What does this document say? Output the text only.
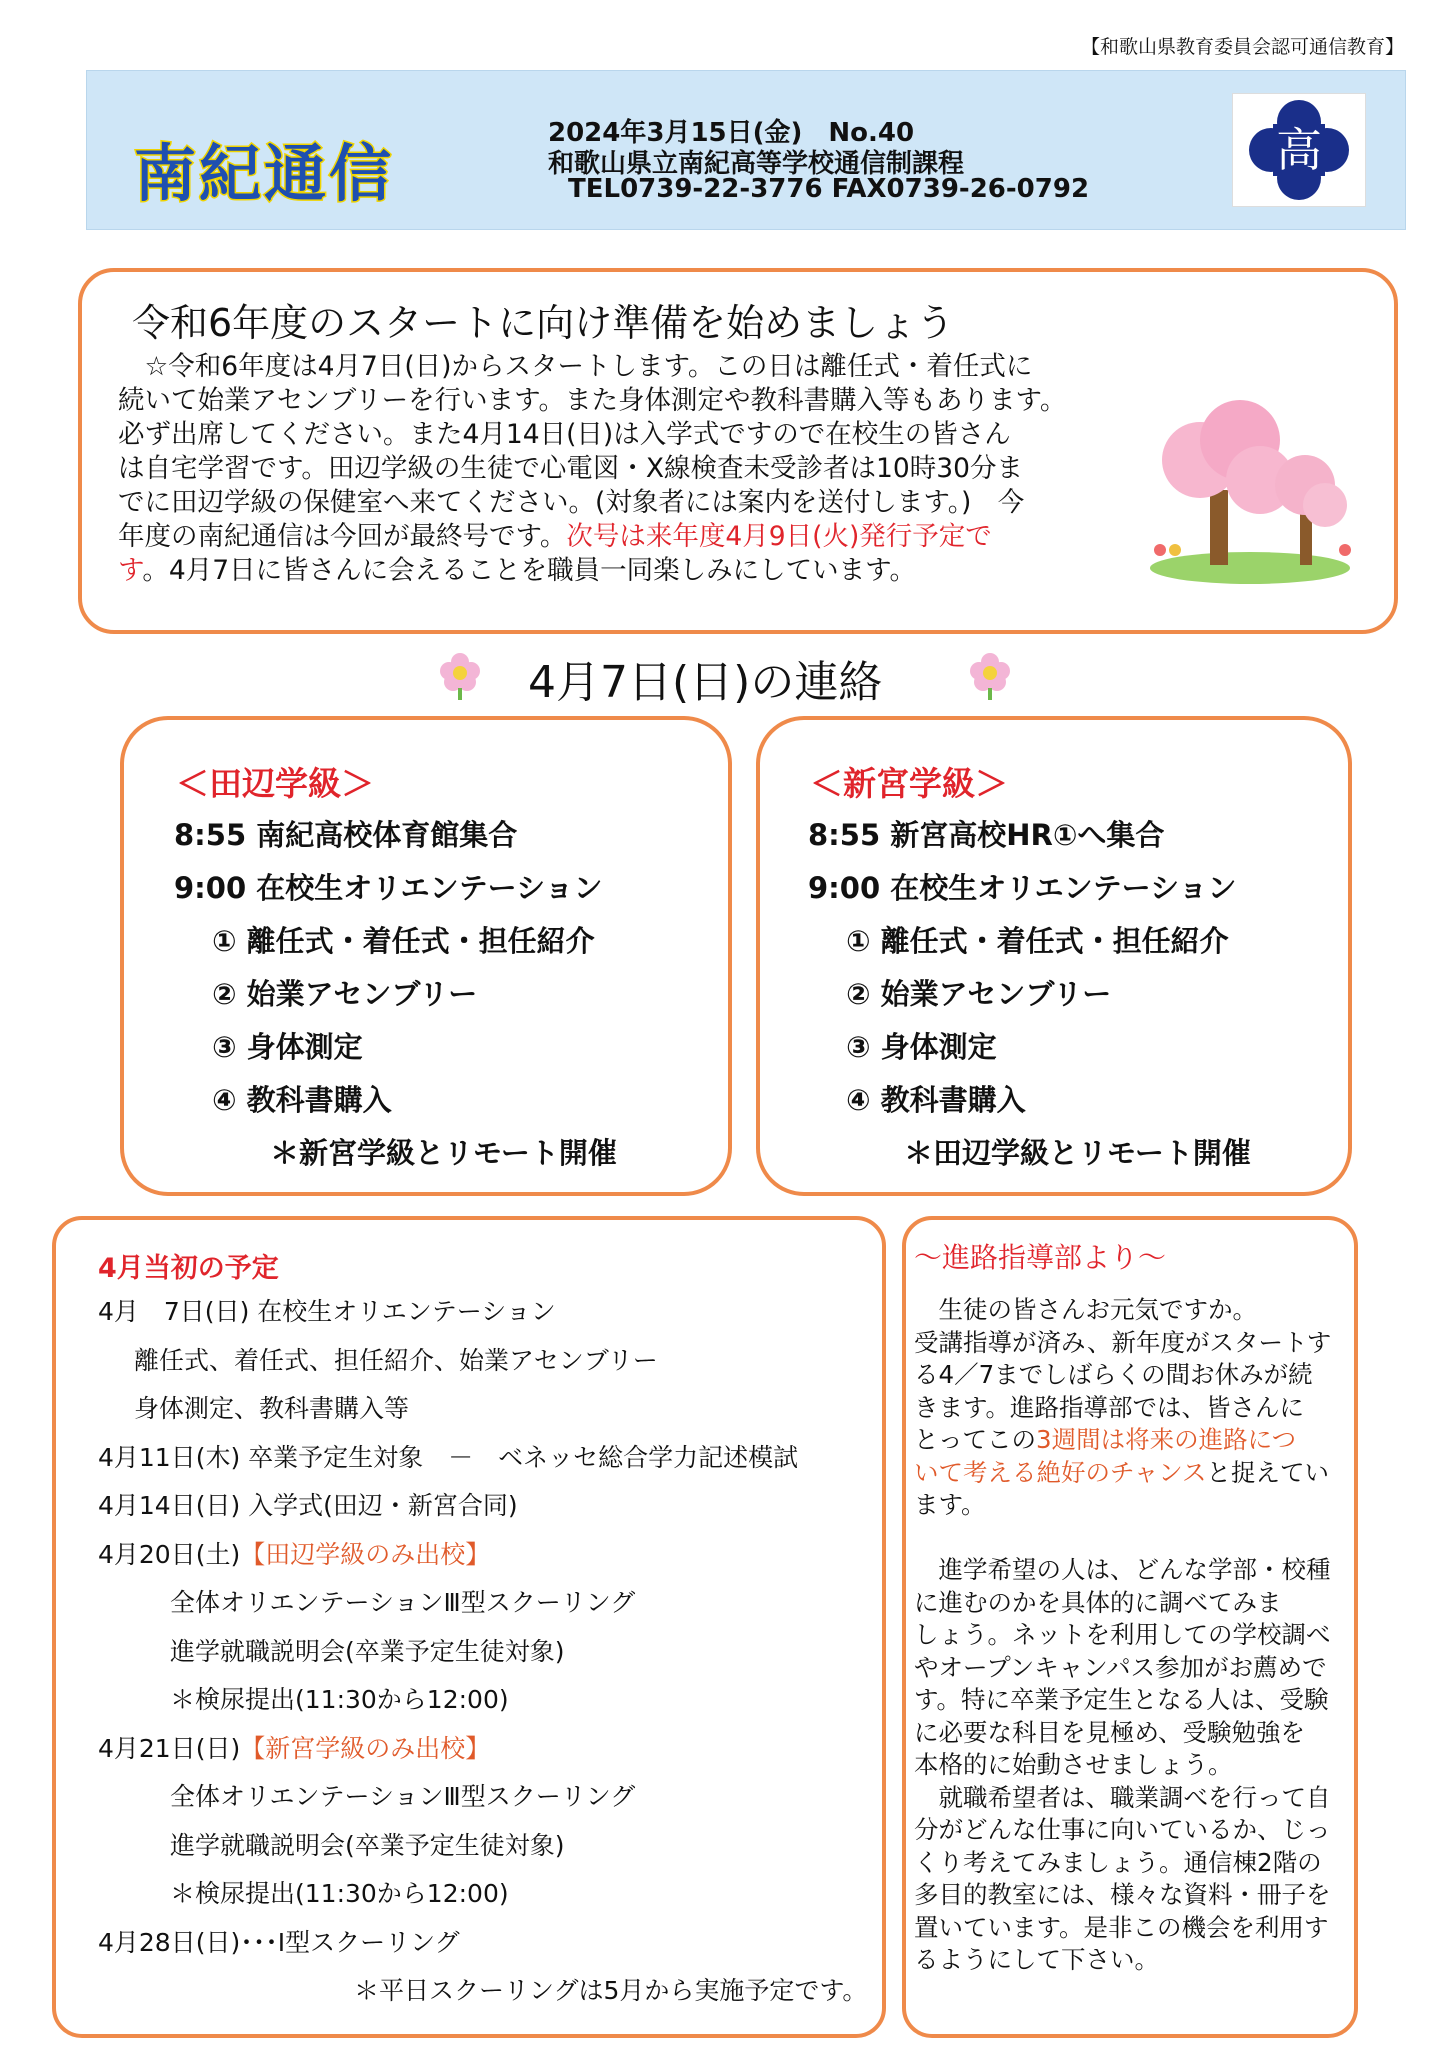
【和歌山県教育委員会認可通信教育】
南紀通信
2024年3月15日(金)　No.40
和歌山県立南紀高等学校通信制課程
TEL0739-22-3776 FAX0739-26-0792
高
令和6年度のスタートに向け準備を始めましょう
　☆令和6年度は4月7日(日)からスタートします。この日は離任式・着任式に
続いて始業アセンブリーを行います。また身体測定や教科書購入等もあります。
必ず出席してください。また4月14日(日)は入学式ですので在校生の皆さん
は自宅学習です。田辺学級の生徒で心電図・X線検査未受診者は10時30分ま
でに田辺学級の保健室へ来てください。(対象者には案内を送付します。)　今
年度の南紀通信は今回が最終号です。次号は来年度4月9日(火)発行予定で
す。4月7日に皆さんに会えることを職員一同楽しみにしています。
4月7日(日)の連絡
＜田辺学級＞
8:55 南紀高校体育館集合
9:00 在校生オリエンテーション
① 離任式・着任式・担任紹介
② 始業アセンブリー
③ 身体測定
④ 教科書購入
＊新宮学級とリモート開催
＜新宮学級＞
8:55 新宮高校HR①へ集合
9:00 在校生オリエンテーション
① 離任式・着任式・担任紹介
② 始業アセンブリー
③ 身体測定
④ 教科書購入
＊田辺学級とリモート開催
4月当初の予定
4月　7日(日) 在校生オリエンテーション
離任式、着任式、担任紹介、始業アセンブリー
身体測定、教科書購入等
4月11日(木) 卒業予定生対象　－　ベネッセ総合学力記述模試
4月14日(日) 入学式(田辺・新宮合同)
4月20日(土)【田辺学級のみ出校】
全体オリエンテーションⅢ型スクーリング
進学就職説明会(卒業予定生徒対象)
＊検尿提出(11:30から12:00)
4月21日(日)【新宮学級のみ出校】
全体オリエンテーションⅢ型スクーリング
進学就職説明会(卒業予定生徒対象)
＊検尿提出(11:30から12:00)
4月28日(日)･･･Ⅰ型スクーリング
＊平日スクーリングは5月から実施予定です。
～進路指導部より～
　生徒の皆さんお元気ですか。
受講指導が済み、新年度がスタートす
る4／7までしばらくの間お休みが続
きます。進路指導部では、皆さんに
とってこの3週間は将来の進路につ
いて考える絶好のチャンスと捉えてい
ます。
　進学希望の人は、どんな学部・校種
に進むのかを具体的に調べてみま
しょう。ネットを利用しての学校調べ
やオープンキャンパス参加がお薦めで
す。特に卒業予定生となる人は、受験
に必要な科目を見極め、受験勉強を
本格的に始動させましょう。
　就職希望者は、職業調べを行って自
分がどんな仕事に向いているか、じっ
くり考えてみましょう。通信棟2階の
多目的教室には、様々な資料・冊子を
置いています。是非この機会を利用す
るようにして下さい。
